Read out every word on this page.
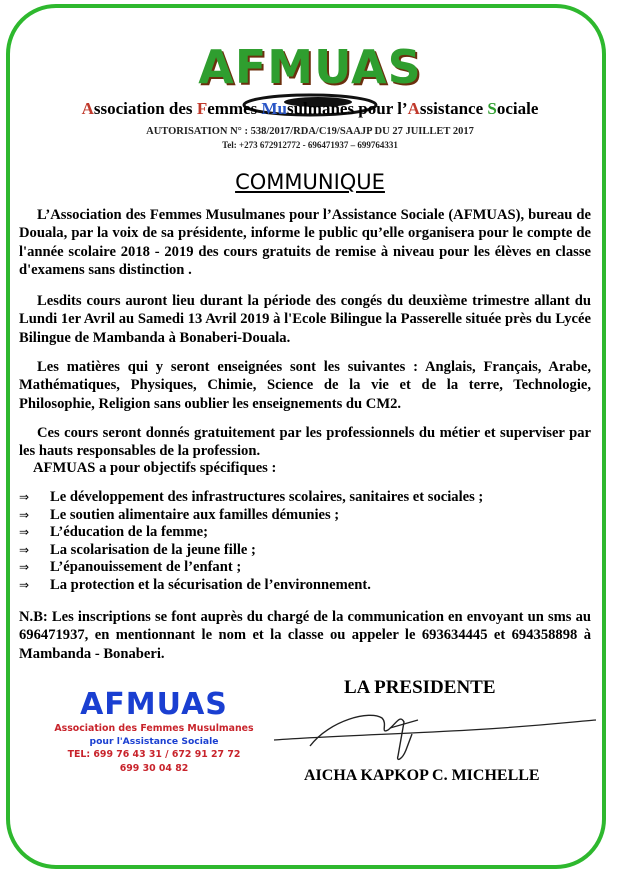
AFMUAS
Association des Femmes Musulmanes pour l’Assistance Sociale
AUTORISATION N° : 538/2017/RDA/C19/SAAJP DU 27 JUILLET 2017
Tel: +273 672912772 - 696471937 – 699764331
COMMUNIQUE
L’Association des Femmes Musulmanes pour l’Assistance Sociale (AFMUAS), bureau de Douala, par la voix de sa présidente, informe le public qu’elle organisera pour le compte de l'année scolaire 2018 - 2019 des cours gratuits de remise à niveau pour les élèves en classe d'examens sans distinction .
Lesdits cours auront lieu durant la période des congés du deuxième trimestre allant du Lundi 1er Avril au Samedi 13 Avril 2019 à l'Ecole Bilingue la Passerelle située près du Lycée Bilingue de Mambanda à Bonaberi-Douala.
Les matières qui y seront enseignées sont les suivantes : Anglais, Français, Arabe, Mathématiques, Physiques, Chimie, Science de la vie et de la terre, Technologie, Philosophie, Religion sans oublier les enseignements du CM2.
Ces cours seront donnés gratuitement par les professionnels du métier et superviser par les hauts responsables de la profession.
AFMUAS a pour objectifs spécifiques :
⇒ Le développement des infrastructures scolaires, sanitaires et sociales ;
⇒ Le soutien alimentaire aux familles démunies ;
⇒ L’éducation de la femme;
⇒ La scolarisation de la jeune fille ;
⇒ L’épanouissement de l’enfant ;
⇒ La protection et la sécurisation de l’environnement.
N.B: Les inscriptions se font auprès du chargé de la communication en envoyant un sms au 696471937, en mentionnant le nom et la classe ou appeler le 693634445 et 694358898 à Mambanda - Bonaberi.
AFMUAS
Association des Femmes Musulmanes
pour l'Assistance Sociale
TEL: 699 76 43 31 / 672 91 27 72
699 30 04 82
LA PRESIDENTE
AICHA KAPKOP C. MICHELLE
